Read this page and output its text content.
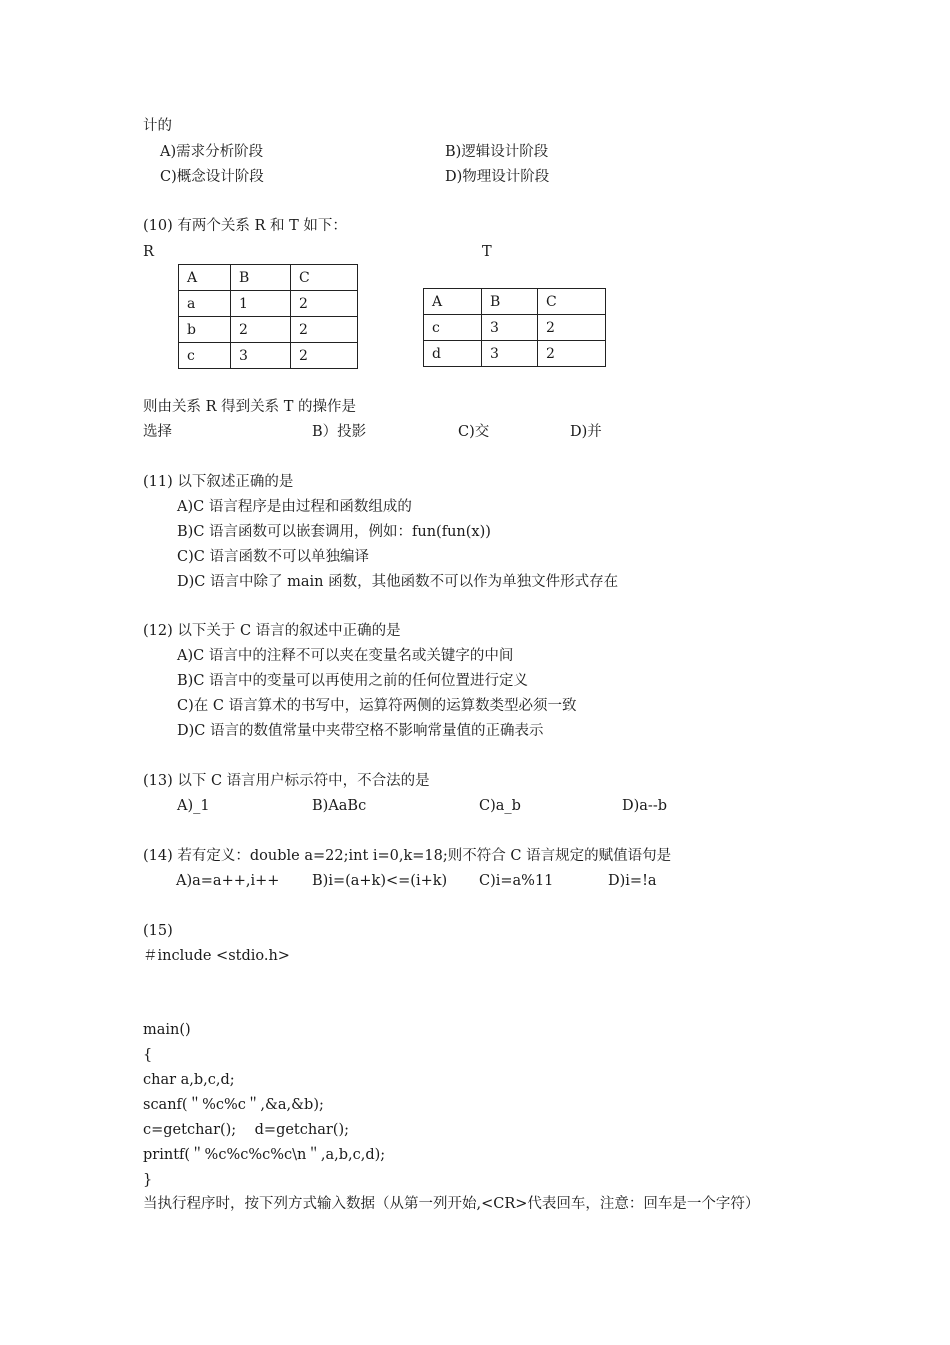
计的
A)需求分析阶段	B)逻辑设计阶段
C)概念设计阶段	D)物理设计阶段
(10) 有两个关系 R 和 T 如下：
R	T
A	B	C
a	1	2
b	2	2
c	3	2
A	B	C
c	3	2
d	3	2
则由关系 R 得到关系 T 的操作是
选择	B）投影	C)交	D)并
(11) 以下叙述正确的是
A)C 语言程序是由过程和函数组成的
B)C 语言函数可以嵌套调用，例如：fun(fun(x))
C)C 语言函数不可以单独编译
D)C 语言中除了 main 函数，其他函数不可以作为单独文件形式存在
(12) 以下关于 C 语言的叙述中正确的是
A)C 语言中的注释不可以夹在变量名或关键字的中间
B)C 语言中的变量可以再使用之前的任何位置进行定义
C)在 C 语言算术的书写中，运算符两侧的运算数类型必须一致
D)C 语言的数值常量中夹带空格不影响常量值的正确表示
(13) 以下 C 语言用户标示符中，不合法的是
A)_1	B)AaBc	C)a_b	D)a--b
(14) 若有定义：double a=22;int i=0,k=18;则不符合 C 语言规定的赋值语句是
A)a=a++,i++ B)i=(a+k)<=(i+k) C)i=a%11	D)i=!a
(15)
＃include <stdio.h>
main()
{
char a,b,c,d;
scanf(＂%c%c＂,&a,&b);
c=getchar();    d=getchar();
printf(＂%c%c%c%c\n＂,a,b,c,d);
}
当执行程序时，按下列方式输入数据（从第一列开始,<CR>代表回车，注意：回车是一个字符）
